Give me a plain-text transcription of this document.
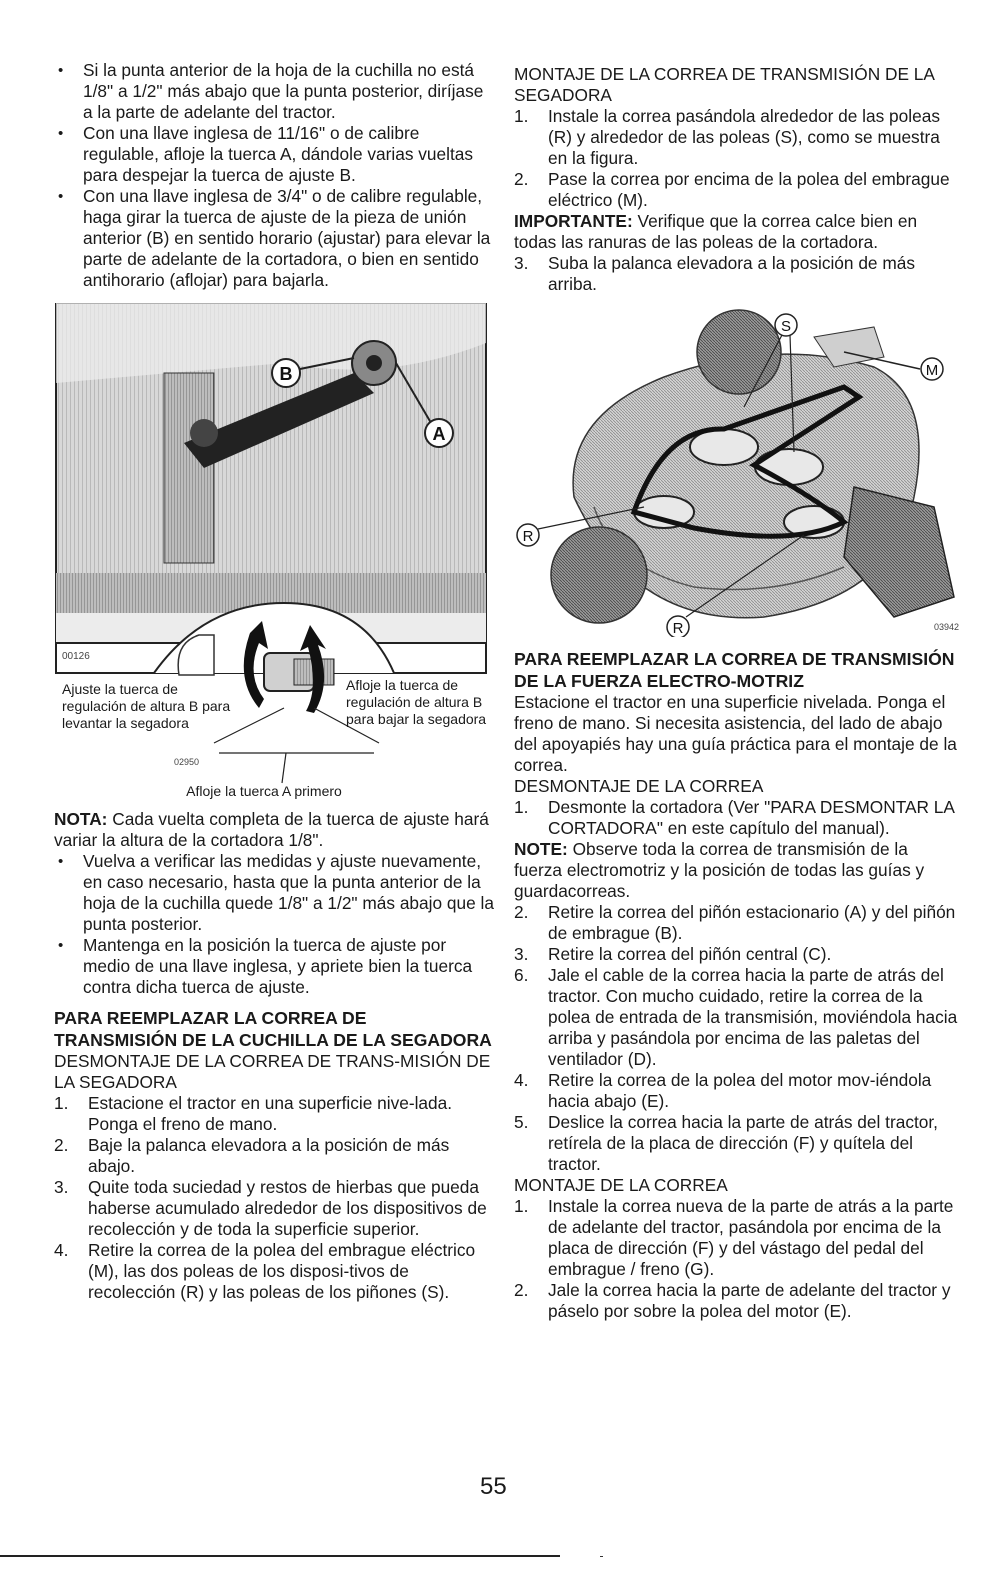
• Si la punta anterior de la hoja de la cuchilla no está 1/8" a 1/2" más abajo que la punta posterior, diríjase a la parte de adelante del tractor.
• Con una llave inglesa de 11/16" o de calibre regulable, afloje la tuerca A, dándole varias vueltas para despejar la tuerca de ajuste B.
• Con una llave inglesa de 3/4" o de calibre regulable, haga girar la tuerca de ajuste de la pieza de unión anterior (B) en sentido horario (ajustar) para elevar la parte de adelante de la cortadora, o bien en sentido antihorario (aflojar) para bajarla.
00126
B
A
02950
Ajuste la tuerca de regulación de altura B para levantar la segadora
Afloje la tuerca de regulación de altura B para bajar la segadora
Afloje la tuerca A primero

NOTA: Cada vuelta completa de la tuerca de ajuste hará variar la altura de la cortadora 1/8".

• Vuelva a verificar las medidas y ajuste nuevamente, en caso necesario, hasta que la punta anterior de la hoja de la cuchilla quede 1/8" a 1/2" más abajo que la punta posterior.
• Mantenga en la posición la tuerca de ajuste por medio de una llave inglesa, y apriete bien la tuerca contra dicha tuerca de ajuste.

PARA REEMPLAZAR LA CORREA DE TRANSMISIÓN DE LA CUCHILLA DE LA SEGADORA

DESMONTAJE DE LA CORREA DE TRANS-MISIÓN DE LA SEGADORA

1. Estacione el tractor en una superficie nive-lada. Ponga el freno de mano.
2. Baje la palanca elevadora a la posición de más abajo.
3. Quite toda suciedad y restos de hierbas que pueda haberse acumulado alrededor de los dispositivos de recolección y de toda la superficie superior.
4. Retire la correa de la polea del embrague eléctrico (M), las dos poleas de los disposi-tivos de recolección (R) y las poleas de los piñones (S).

MONTAJE DE LA CORREA DE TRANSMISIÓN DE LA SEGADORA

1. Instale la correa pasándola alrededor de las poleas (R) y alrededor de las poleas (S), como se muestra en la figura.
2. Pase la correa por encima de la polea del embrague eléctrico (M).

IMPORTANTE: Verifique que la correa calce bien en todas las ranuras de las poleas de la cortadora.

3. Suba la palanca elevadora a la posición de más arriba.
S
M
R
R	03942

PARA REEMPLAZAR LA CORREA DE TRANSMISIÓN DE LA FUERZA ELECTRO-MOTRIZ

Estacione el tractor en una superficie nivelada. Ponga el freno de mano. Si necesita asistencia, del lado de abajo del apoyapiés hay una guía práctica para el montaje de la correa.

DESMONTAJE DE LA CORREA

1. Desmonte la cortadora (Ver "PARA DESMONTAR LA CORTADORA" en este capítulo del manual).

NOTE: Observe toda la correa de transmisión de la fuerza electromotriz y la posición de todas las guías y guardacorreas.

2. Retire la correa del piñón estacionario (A) y del piñón de embrague (B).
3. Retire la correa del piñón central (C).
6. Jale el cable de la correa hacia la parte de atrás del tractor. Con mucho cuidado, retire la correa de la polea de entrada de la transmisión, moviéndola hacia arriba y pasándola por encima de las paletas del ventilador (D).
4. Retire la correa de la polea del motor mov-iéndola hacia abajo (E).
5. Deslice la correa hacia la parte de atrás del tractor, retírela de la placa de dirección (F) y quítela del tractor.

MONTAJE DE LA CORREA

1. Instale la correa nueva de la parte de atrás a la parte de adelante del tractor, pasándola por encima de la placa de dirección (F) y del vástago del pedal del embrague / freno (G).
2. Jale la correa hacia la parte de adelante del tractor y páselo por sobre la polea del motor (E).
55
